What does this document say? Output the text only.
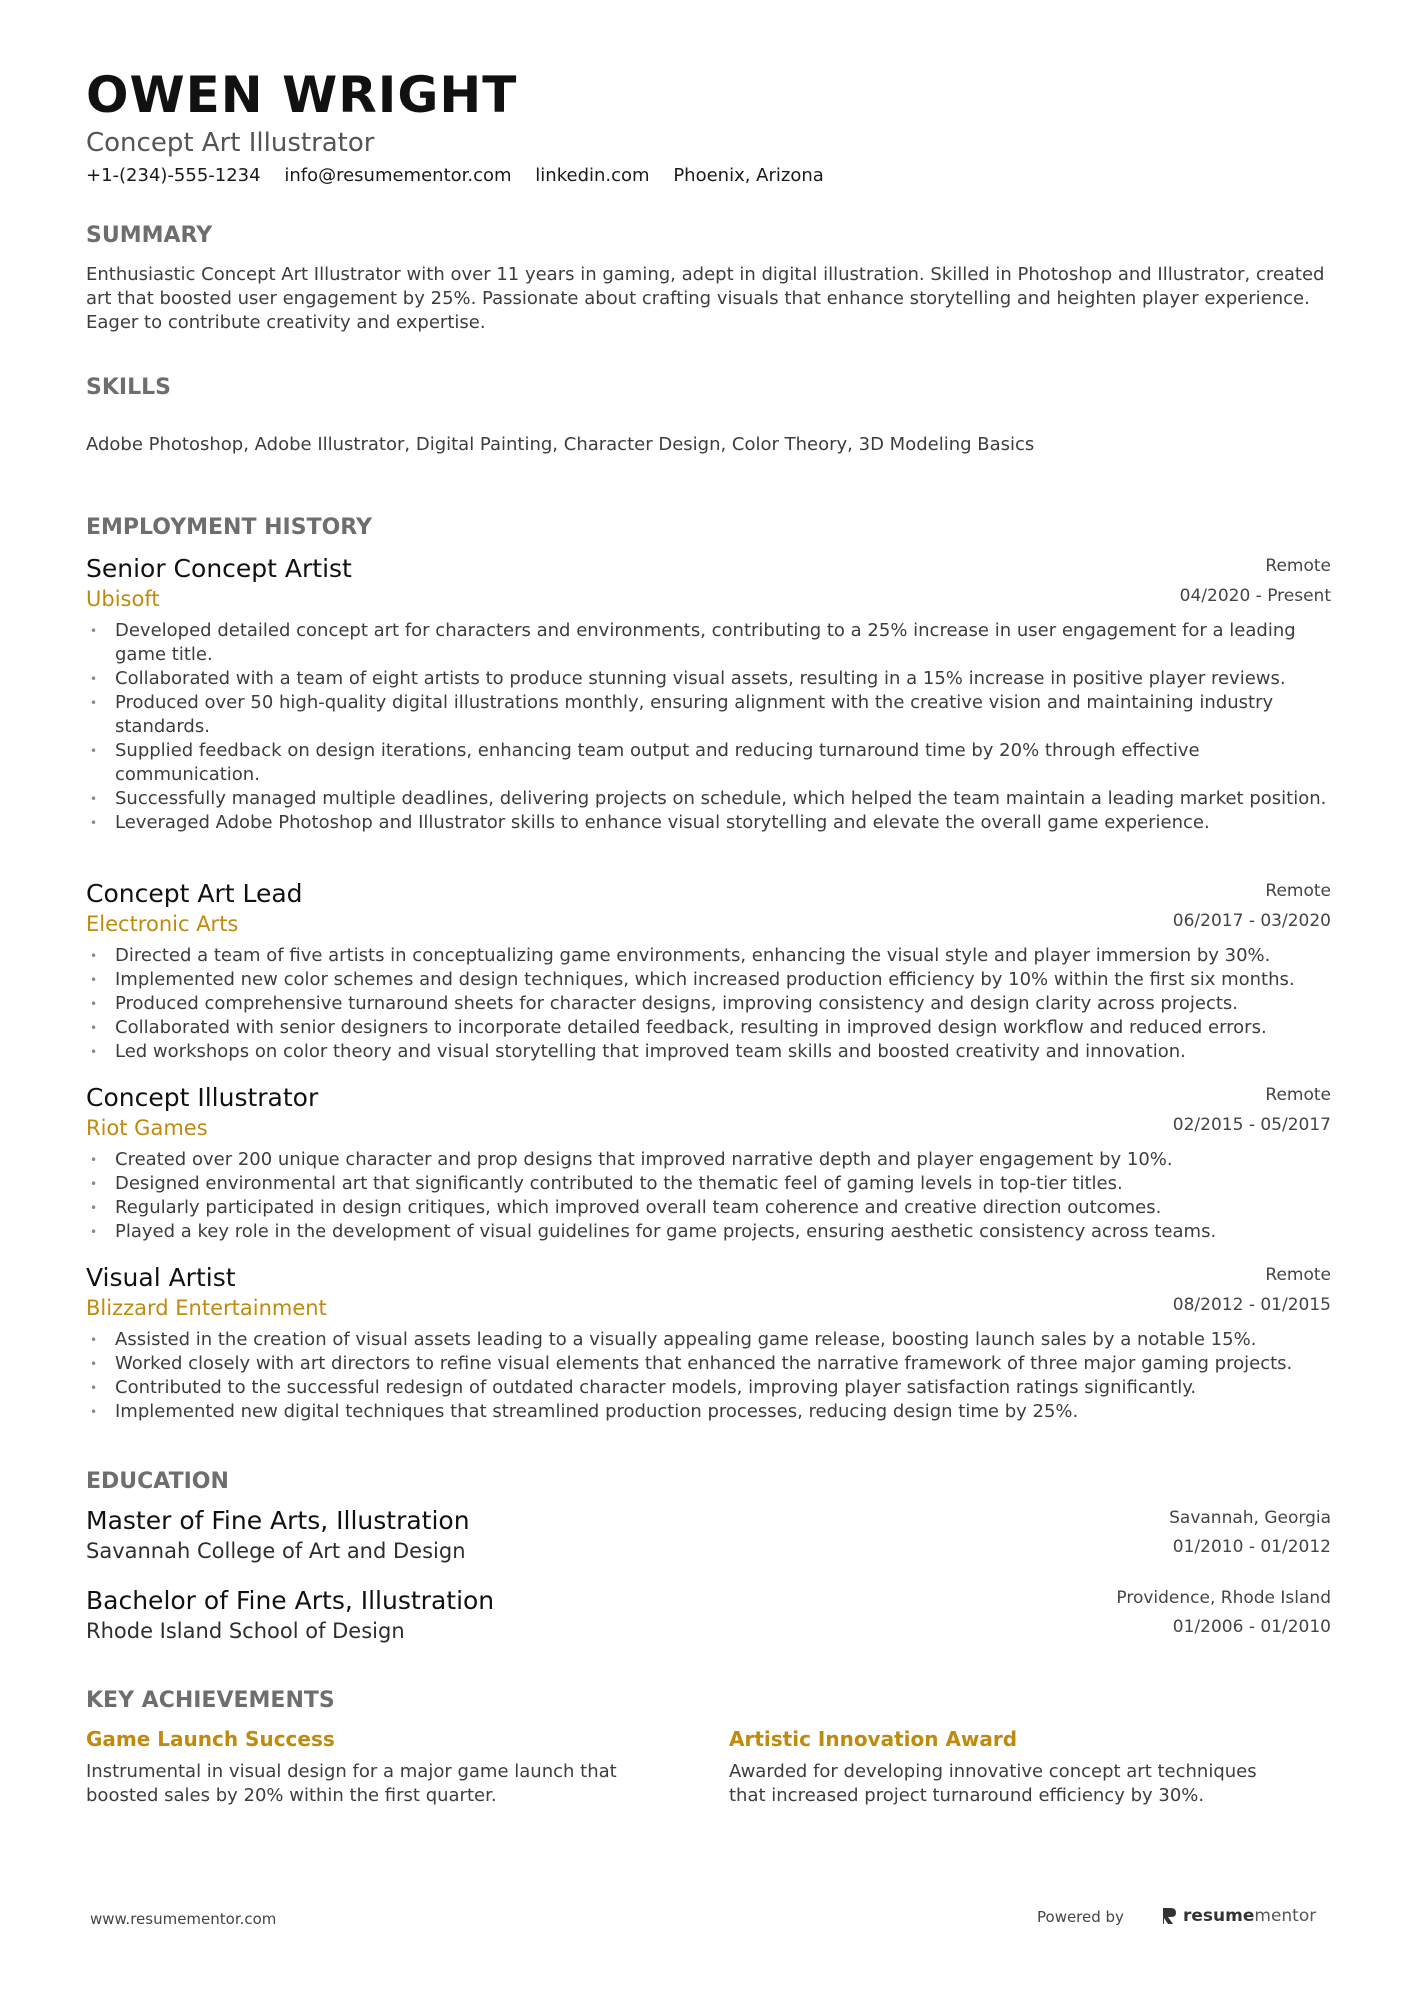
OWEN WRIGHT
Concept Art Illustrator
+1-(234)-555-1234 info@resumementor.com linkedin.com Phoenix, Arizona
SUMMARY

Enthusiastic Concept Art Illustrator with over 11 years in gaming, adept in digital illustration. Skilled in Photoshop and Illustrator, created art that boosted user engagement by 25%. Passionate about crafting visuals that enhance storytelling and heighten player experience. Eager to contribute creativity and expertise.

SKILLS

Adobe Photoshop, Adobe Illustrator, Digital Painting, Character Design, Color Theory, 3D Modeling Basics

EMPLOYMENT HISTORY
Senior Concept Artist
Ubisoft
Remote
04/2020 - Present
• Developed detailed concept art for characters and environments, contributing to a 25% increase in user engagement for a leading game title.
• Collaborated with a team of eight artists to produce stunning visual assets, resulting in a 15% increase in positive player reviews.
• Produced over 50 high-quality digital illustrations monthly, ensuring alignment with the creative vision and maintaining industry standards.
• Supplied feedback on design iterations, enhancing team output and reducing turnaround time by 20% through effective communication.
• Successfully managed multiple deadlines, delivering projects on schedule, which helped the team maintain a leading market position.
• Leveraged Adobe Photoshop and Illustrator skills to enhance visual storytelling and elevate the overall game experience.
Concept Art Lead
Electronic Arts
Remote
06/2017 - 03/2020
• Directed a team of five artists in conceptualizing game environments, enhancing the visual style and player immersion by 30%.
• Implemented new color schemes and design techniques, which increased production efficiency by 10% within the first six months.
• Produced comprehensive turnaround sheets for character designs, improving consistency and design clarity across projects.
• Collaborated with senior designers to incorporate detailed feedback, resulting in improved design workflow and reduced errors.
• Led workshops on color theory and visual storytelling that improved team skills and boosted creativity and innovation.
Concept Illustrator
Riot Games
Remote
02/2015 - 05/2017
• Created over 200 unique character and prop designs that improved narrative depth and player engagement by 10%.
• Designed environmental art that significantly contributed to the thematic feel of gaming levels in top-tier titles.
• Regularly participated in design critiques, which improved overall team coherence and creative direction outcomes.
• Played a key role in the development of visual guidelines for game projects, ensuring aesthetic consistency across teams.
Visual Artist
Blizzard Entertainment
Remote
08/2012 - 01/2015
• Assisted in the creation of visual assets leading to a visually appealing game release, boosting launch sales by a notable 15%.
• Worked closely with art directors to refine visual elements that enhanced the narrative framework of three major gaming projects.
• Contributed to the successful redesign of outdated character models, improving player satisfaction ratings significantly.
• Implemented new digital techniques that streamlined production processes, reducing design time by 25%.
EDUCATION
Master of Fine Arts, Illustration
Savannah College of Art and Design
Savannah, Georgia
01/2010 - 01/2012
Bachelor of Fine Arts, Illustration
Rhode Island School of Design
Providence, Rhode Island
01/2006 - 01/2010
KEY ACHIEVEMENTS
Game Launch Success
Instrumental in visual design for a major game launch that boosted sales by 20% within the first quarter.
Artistic Innovation Award
Awarded for developing innovative concept art techniques that increased project turnaround efficiency by 30%.
www.resumementor.com	Powered by	resume mentor
